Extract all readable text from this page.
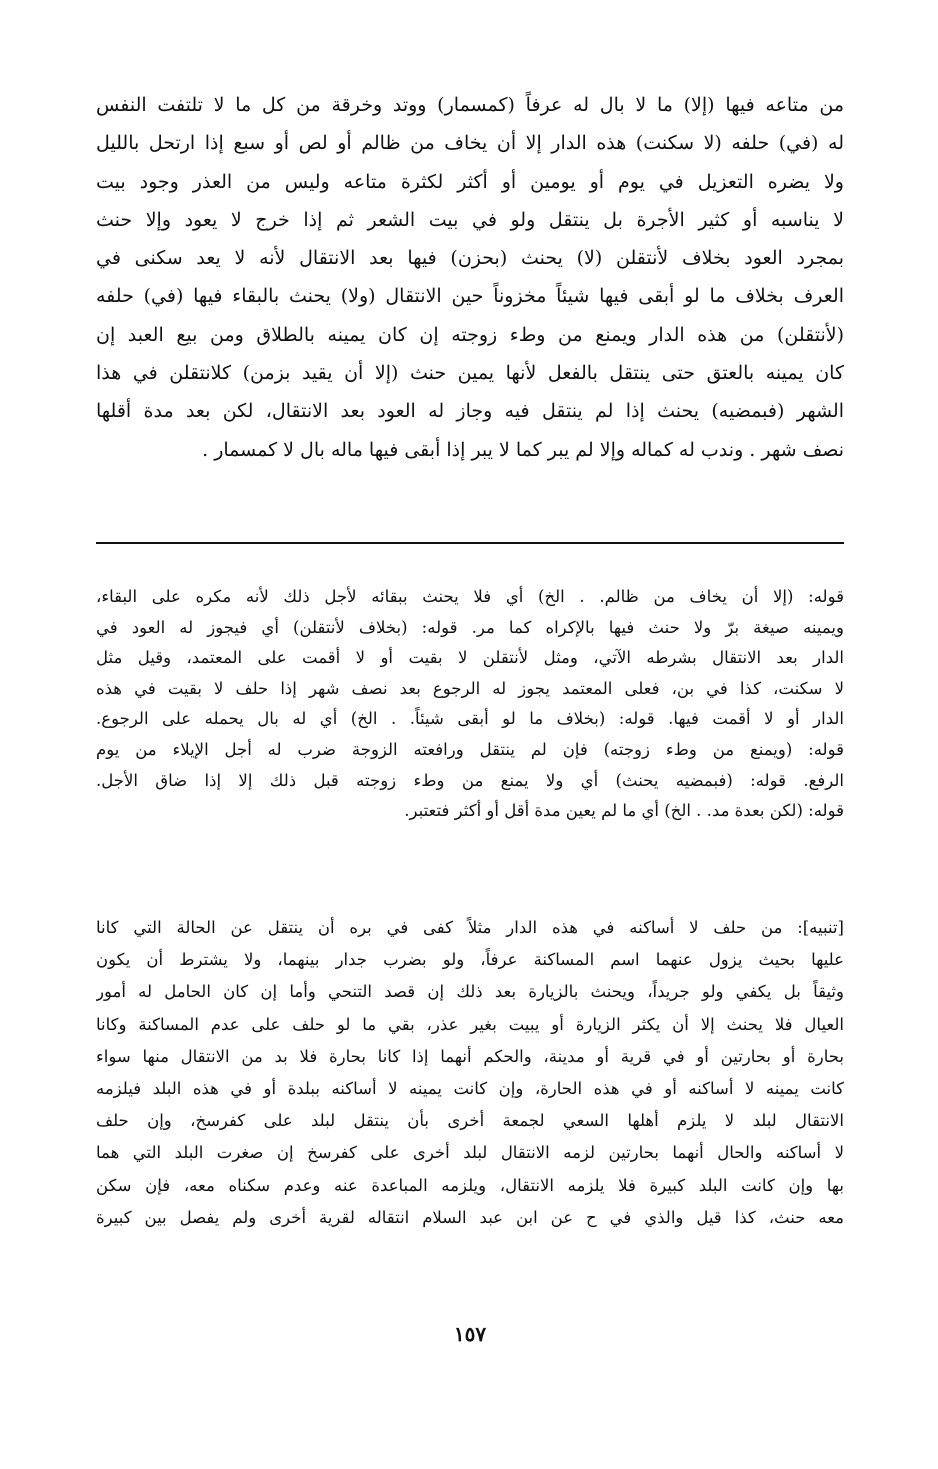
من متاعه فيها (إلا) ما لا بال له عرفاً (كمسمار) ووتد وخرقة من كل ما لا تلتفت النفس
له (في) حلفه (لا سكنت) هذه الدار إلا أن يخاف من ظالم أو لص أو سبع إذا ارتحل بالليل
ولا يضره التعزيل في يوم أو يومين أو أكثر لكثرة متاعه وليس من العذر وجود بيت
لا يناسبه أو كثير الأجرة بل ينتقل ولو في بيت الشعر ثم إذا خرج لا يعود وإلا حنث
بمجرد العود بخلاف لأنتقلن (لا) يحنث (بحزن) فيها بعد الانتقال لأنه لا يعد سكنى في
العرف بخلاف ما لو أبقى فيها شيئاً مخزوناً حين الانتقال (ولا) يحنث بالبقاء فيها (في) حلفه
(لأنتقلن) من هذه الدار ويمنع من وطء زوجته إن كان يمينه بالطلاق ومن بيع العبد إن
كان يمينه بالعتق حتى ينتقل بالفعل لأنها يمين حنث (إلا أن يقيد بزمن) كلانتقلن في هذا
الشهر (فبمضيه) يحنث إذا لم ينتقل فيه وجاز له العود بعد الانتقال، لكن بعد مدة أقلها
نصف شهر . وندب له كماله وإلا لم يبر كما لا يبر إذا أبقى فيها ماله بال لا كمسمار .
قوله: (إلا أن يخاف من ظالم. . الخ) أي فلا يحنث ببقائه لأجل ذلك لأنه مكره على البقاء،
ويمينه صيغة برّ ولا حنث فيها بالإكراه كما مر. قوله: (بخلاف لأنتقلن) أي فيجوز له العود في
الدار بعد الانتقال بشرطه الآتي، ومثل لأنتقلن لا بقيت أو لا أقمت على المعتمد، وقيل مثل
لا سكنت، كذا في بن، فعلى المعتمد يجوز له الرجوع بعد نصف شهر إذا حلف لا بقيت في هذه
الدار أو لا أقمت فيها. قوله: (بخلاف ما لو أبقى شيئاً. . الخ) أي له بال يحمله على الرجوع.
قوله: (ويمنع من وطء زوجته) فإن لم ينتقل ورافعته الزوجة ضرب له أجل الإيلاء من يوم
الرفع. قوله: (فبمضيه يحنث) أي ولا يمنع من وطء زوجته قبل ذلك إلا إذا ضاق الأجل.
قوله: (لكن بعدة مد. . الخ) أي ما لم يعين مدة أقل أو أكثر فتعتبر.
[تنبيه]: من حلف لا أساكنه في هذه الدار مثلاً كفى في بره أن ينتقل عن الحالة التي كانا
عليها بحيث يزول عنهما اسم المساكنة عرفاً، ولو بضرب جدار بينهما، ولا يشترط أن يكون
وثيقاً بل يكفي ولو جريداً، ويحنث بالزيارة بعد ذلك إن قصد التنحي وأما إن كان الحامل له أمور
العيال فلا يحنث إلا أن يكثر الزيارة أو يبيت بغير عذر، بقي ما لو حلف على عدم المساكنة وكانا
بحارة أو بحارتين أو في قرية أو مدينة، والحكم أنهما إذا كانا بحارة فلا بد من الانتقال منها سواء
كانت يمينه لا أساكنه أو في هذه الحارة، وإن كانت يمينه لا أساكنه ببلدة أو في هذه البلد فيلزمه
الانتقال لبلد لا يلزم أهلها السعي لجمعة أخرى بأن ينتقل لبلد على كفرسخ، وإن حلف
لا أساكنه والحال أنهما بحارتين لزمه الانتقال لبلد أخرى على كفرسخ إن صغرت البلد التي هما
بها وإن كانت البلد كبيرة فلا يلزمه الانتقال، ويلزمه المباعدة عنه وعدم سكناه معه، فإن سكن
معه حنث، كذا قيل والذي في ح عن ابن عبد السلام انتقاله لقرية أخرى ولم يفصل بين كبيرة
١٥٧
